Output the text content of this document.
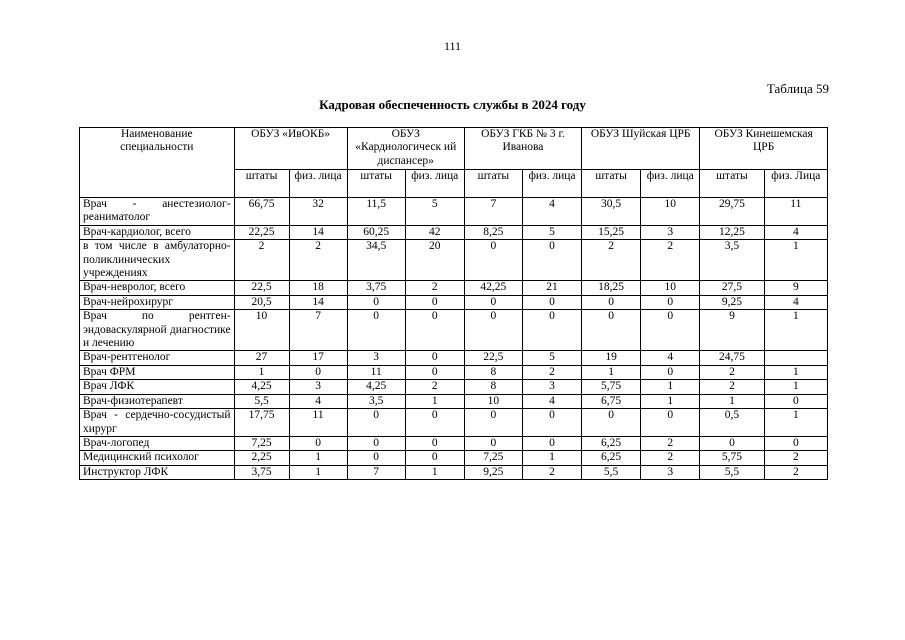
111
Таблица 59
Кадровая обеспеченность службы в 2024 году
Наименование специальности	ОБУЗ «ИвОКБ»		ОБУЗ «Кардиологическ ий диспансер»		ОБУЗ ГКБ № 3 г. Иванова		ОБУЗ Шуйская ЦРБ		ОБУЗ Кинешемская ЦРБ	
	штаты	физ. лица	штаты	физ. лица	штаты	физ. лица	штаты	физ. лица	штаты	физ. Лица
Врач - анестезиолог-реаниматолог	66,75	32	11,5	5	7	4	30,5	10	29,75	11
Врач-кардиолог, всего	22,25	14	60,25	42	8,25	5	15,25	3	12,25	4
в том числе в амбулаторно-поликлинических учреждениях	2	2	34,5	20	0	0	2	2	3,5	1
Врач-невролог, всего	22,5	18	3,75	2	42,25	21	18,25	10	27,5	9
Врач-нейрохирург	20,5	14	0	0	0	0	0	0	9,25	4
Врач по рентген-эндоваскулярной диагностике и лечению	10	7	0	0	0	0	0	0	9	1
Врач-рентгенолог	27	17	3	0	22,5	5	19	4	24,75	
Врач ФРМ	1	0	11	0	8	2	1	0	2	1
Врач ЛФК	4,25	3	4,25	2	8	3	5,75	1	2	1
Врач-физиотерапевт	5,5	4	3,5	1	10	4	6,75	1	1	0
Врач - сердечно-сосудистый хирург	17,75	11	0	0	0	0	0	0	0,5	1
Врач-логопед	7,25	0	0	0	0	0	6,25	2	0	0
Медицинский психолог	2,25	1	0	0	7,25	1	6,25	2	5,75	2
Инструктор ЛФК	3,75	1	7	1	9,25	2	5,5	3	5,5	2
